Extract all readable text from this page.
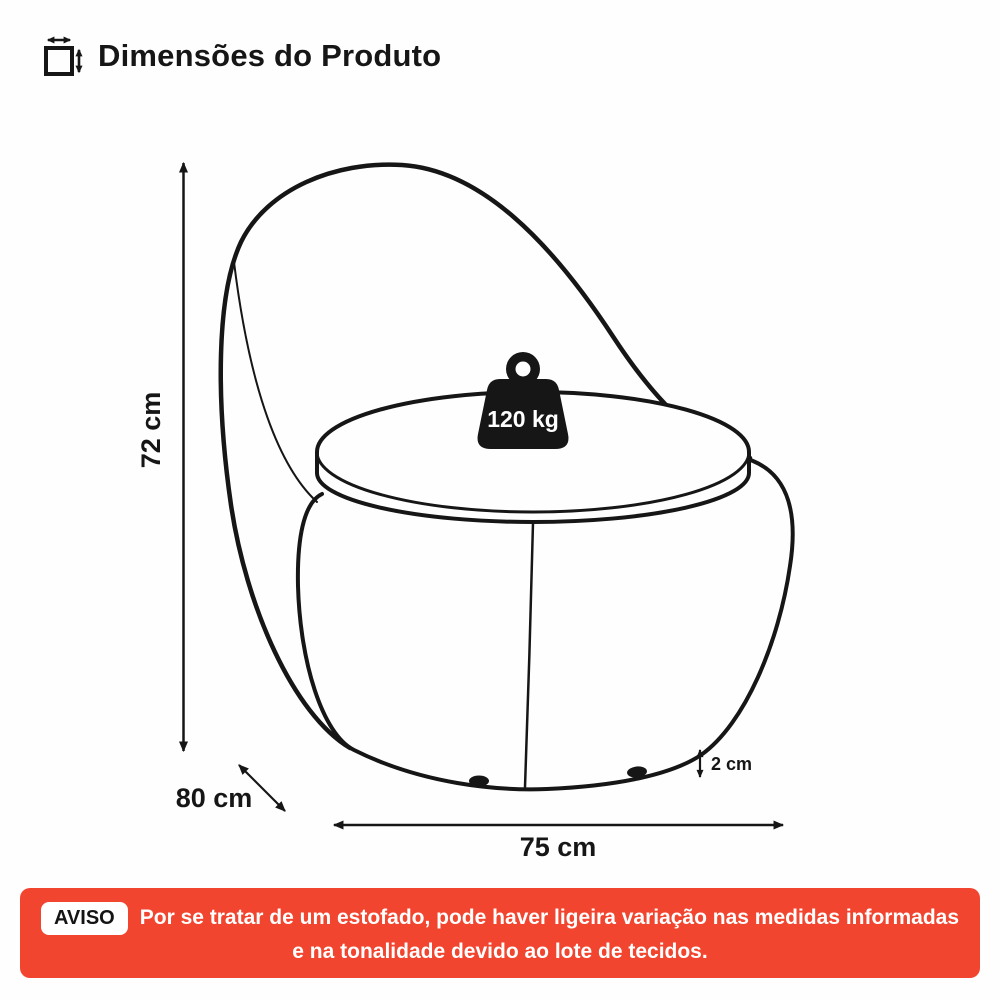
Dimensões do Produto
120 kg
72 cm
80 cm
75 cm
2 cm
AVISO	Por se tratar de um estofado, pode haver ligeira variação nas medidas informadas
e na tonalidade devido ao lote de tecidos.
